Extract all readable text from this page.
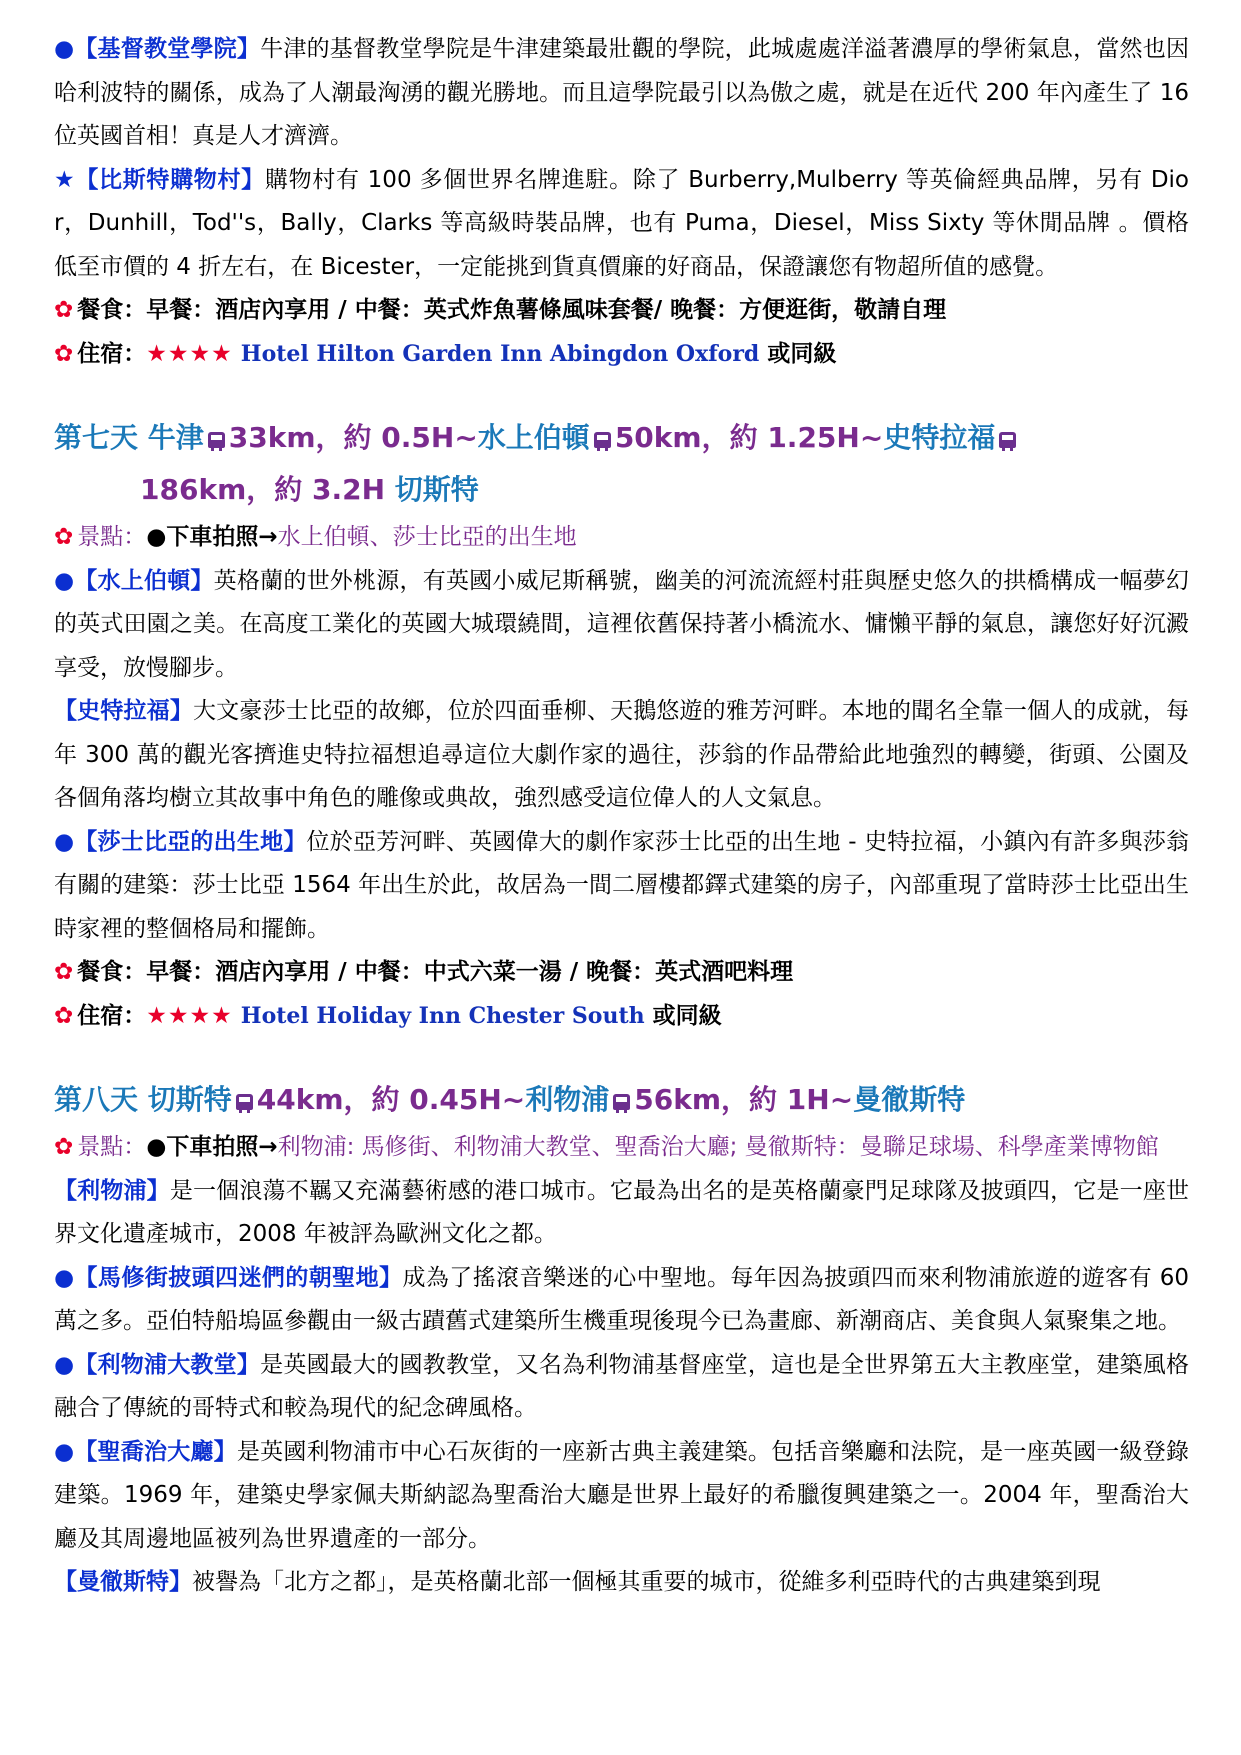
●【基督教堂學院】牛津的基督教堂學院是牛津建築最壯觀的學院，此城處處洋溢著濃厚的學術氣息，當然也因哈利波特的關係，成為了人潮最洶湧的觀光勝地。而且這學院最引以為傲之處，就是在近代 200 年內產生了 16 位英國首相！真是人才濟濟。

★【比斯特購物村】購物村有 100 多個世界名牌進駐。除了 Burberry,Mulberry 等英倫經典品牌，另有 Dior，Dunhill，Tod''s，Bally，Clarks 等高級時裝品牌，也有 Puma，Diesel，Miss Sixty 等休閒品牌 。價格低至市價的 4 折左右，在 Bicester，一定能挑到貨真價廉的好商品，保證讓您有物超所值的感覺。

✿ 餐食：早餐：酒店內享用 / 中餐：英式炸魚薯條風味套餐/ 晚餐：方便逛街，敬請自理

✿ 住宿：★★★★ Hotel Hilton Garden Inn Abingdon Oxford 或同級

第七天 牛津 33km，約 0.5H~水上伯頓 50km，約 1.25H~史特拉福
186km，約 3.2H 切斯特

✿ 景點：●下車拍照→水上伯頓、莎士比亞的出生地

●【水上伯頓】英格蘭的世外桃源，有英國小威尼斯稱號，幽美的河流流經村莊與歷史悠久的拱橋構成一幅夢幻的英式田園之美。在高度工業化的英國大城環繞間，這裡依舊保持著小橋流水、慵懶平靜的氣息，讓您好好沉澱享受，放慢腳步。

【史特拉福】大文豪莎士比亞的故鄉，位於四面垂柳、天鵝悠遊的雅芳河畔。本地的聞名全靠一個人的成就，每年 300 萬的觀光客擠進史特拉福想追尋這位大劇作家的過往，莎翁的作品帶給此地強烈的轉變，街頭、公園及各個角落均樹立其故事中角色的雕像或典故，強烈感受這位偉人的人文氣息。

●【莎士比亞的出生地】位於亞芳河畔、英國偉大的劇作家莎士比亞的出生地 - 史特拉福，小鎮內有許多與莎翁有關的建築：莎士比亞 1564 年出生於此，故居為一間二層樓都鐸式建築的房子，內部重現了當時莎士比亞出生時家裡的整個格局和擺飾。

✿ 餐食：早餐：酒店內享用 / 中餐：中式六菜一湯 / 晚餐：英式酒吧料理

✿ 住宿：★★★★ Hotel Holiday Inn Chester South 或同級

第八天 切斯特 44km，約 0.45H~利物浦 56km，約 1H~曼徹斯特

✿ 景點：●下車拍照→利物浦: 馬修街、利物浦大教堂、聖喬治大廳; 曼徹斯特：曼聯足球場、科學產業博物館

【利物浦】是一個浪蕩不羈又充滿藝術感的港口城市。它最為出名的是英格蘭豪門足球隊及披頭四，它是一座世界文化遺產城市，2008 年被評為歐洲文化之都。

●【馬修街披頭四迷們的朝聖地】成為了搖滾音樂迷的心中聖地。每年因為披頭四而來利物浦旅遊的遊客有 60 萬之多。亞伯特船塢區參觀由一級古蹟舊式建築所生機重現後現今已為畫廊、新潮商店、美食與人氣聚集之地。

●【利物浦大教堂】是英國最大的國教教堂，又名為利物浦基督座堂，這也是全世界第五大主教座堂，建築風格融合了傳統的哥特式和較為現代的紀念碑風格。

●【聖喬治大廳】是英國利物浦市中心石灰街的一座新古典主義建築。包括音樂廳和法院，是一座英國一級登錄建築。1969 年，建築史學家佩夫斯納認為聖喬治大廳是世界上最好的希臘復興建築之一。2004 年，聖喬治大廳及其周邊地區被列為世界遺產的一部分。

【曼徹斯特】被譽為「北方之都」，是英格蘭北部一個極其重要的城市，從維多利亞時代的古典建築到現
